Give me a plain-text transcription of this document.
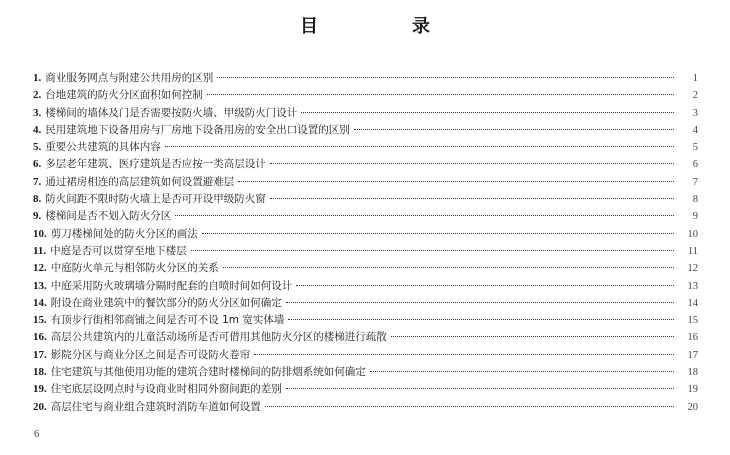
目　录
1. 商业服务网点与附建公共用房的区别	1
2. 台地建筑的防火分区面积如何控制	2
3. 楼梯间的墙体及门是否需要按防火墙、甲级防火门设计	3
4. 民用建筑地下设备用房与厂房地下设备用房的安全出口设置的区别	4
5. 重要公共建筑的具体内容	5
6. 多层老年建筑、医疗建筑是否应按一类高层设计	6
7. 通过裙房相连的高层建筑如何设置避难层	7
8. 防火间距不限时防火墙上是否可开设甲级防火窗	8
9. 楼梯间是否不划入防火分区	9
10. 剪刀楼梯间处的防火分区的画法	10
11. 中庭是否可以贯穿至地下楼层	11
12. 中庭防火单元与相邻防火分区的关系	12
13. 中庭采用防火玻璃墙分隔时配套的自喷时间如何设计	13
14. 附设在商业建筑中的餐饮部分的防火分区如何确定	14
15. 有顶步行街相邻商铺之间是否可不设 1m 宽实体墙	15
16. 高层公共建筑内的儿童活动场所是否可借用其他防火分区的楼梯进行疏散	16
17. 影院分区与商业分区之间是否可设防火卷帘	17
18. 住宅建筑与其他使用功能的建筑合建时楼梯间的防排烟系统如何确定	18
19. 住宅底层设网点时与设商业时相同外窗间距的差别	19
20. 高层住宅与商业组合建筑时消防车道如何设置	20
6
